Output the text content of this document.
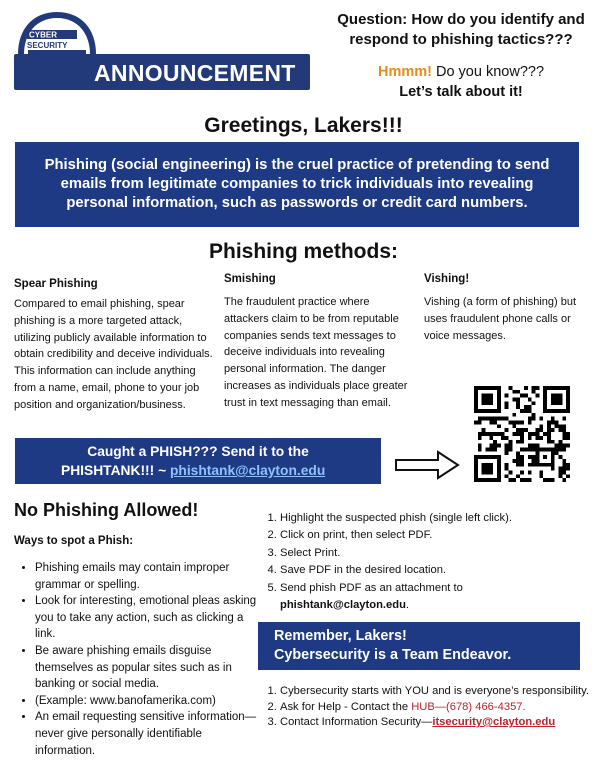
CYBER
SECURITY
ANNOUNCEMENT
Question: How do you identify and respond to phishing tactics???
Hmmm! Do you know???
Let’s talk about it!
Greetings, Lakers!!!
Phishing (social engineering) is the cruel practice of pretending to send emails from legitimate companies to trick individuals into revealing personal information, such as passwords or credit card numbers.
Phishing methods:
Spear Phishing
Compared to email phishing, spear phishing is a more targeted attack, utilizing publicly available information to obtain credibility and deceive individuals. This information can include anything from a name, email, phone to your job position and organization/business.
Smishing
The fraudulent practice where attackers claim to be from reputable companies sends text messages to deceive individuals into revealing personal information. The danger increases as individuals place greater trust in text messaging than email.
Vishing!
Vishing (a form of phishing) but uses fraudulent phone calls or voice messages.
Caught a PHISH??? Send it to the
PHISHTANK!!! ~ phishtank@clayton.edu
No Phishing Allowed!
Ways to spot a Phish:
• Phishing emails may contain improper grammar or spelling.
• Look for interesting, emotional pleas asking you to take any action, such as clicking a link.
• Be aware phishing emails disguise themselves as popular sites such as in banking or social media.
• (Example: www.banofamerika.com)
• An email requesting sensitive information—never give personally identifiable information.
1. Highlight the suspected phish (single left click).
2. Click on print, then select PDF.
3. Select Print.
4. Save PDF in the desired location.
5. Send phish PDF as an attachment to
phishtank@clayton.edu.
Remember, Lakers!
Cybersecurity is a Team Endeavor.
1. Cybersecurity starts with YOU and is everyone’s responsibility.
2. Ask for Help - Contact the HUB—(678) 466-4357.
3. Contact Information Security—itsecurity@clayton.edu
